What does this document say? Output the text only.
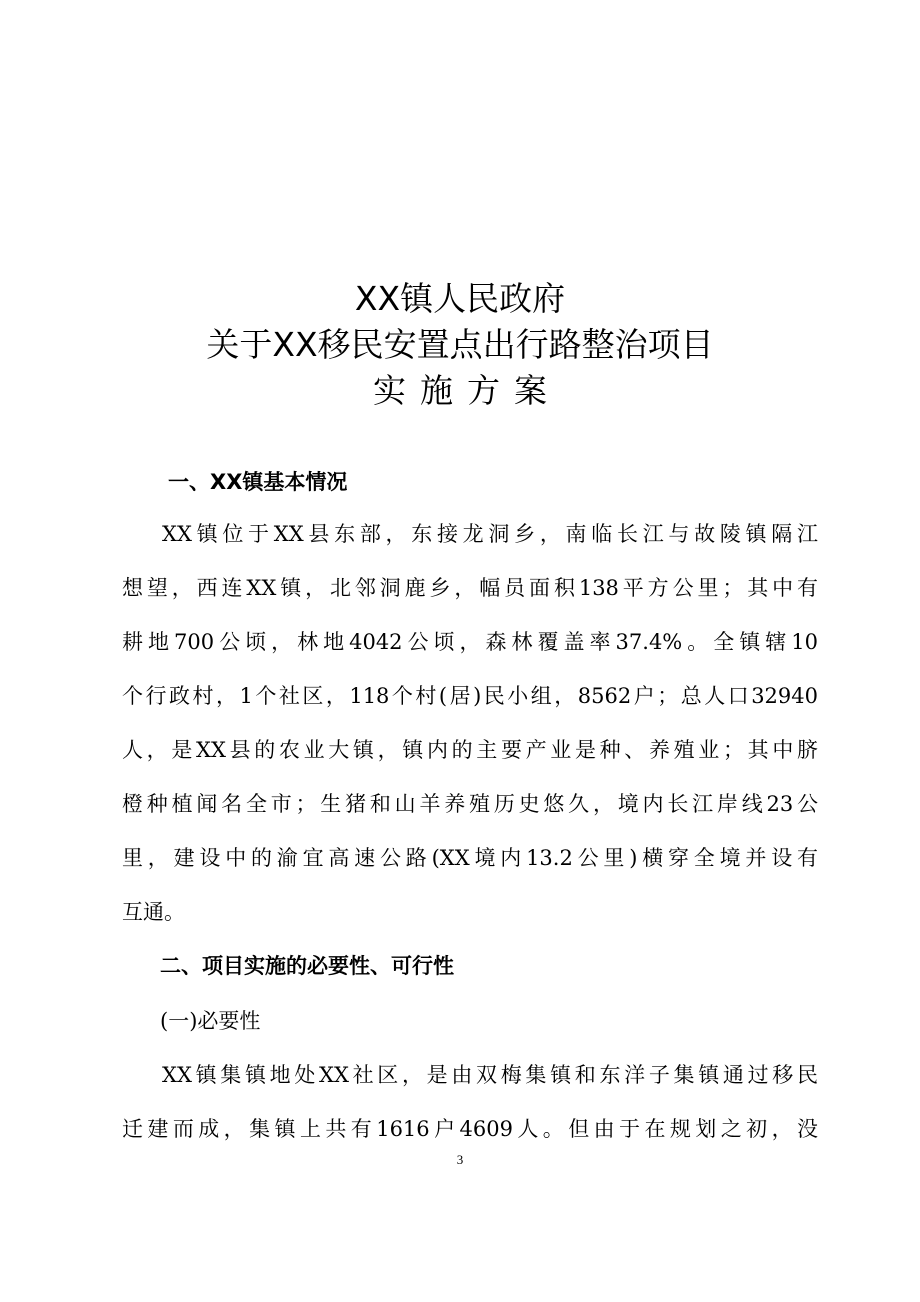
XX镇人民政府
关于XX移民安置点出行路整治项目
实施方案
一、XX镇基本情况
XX镇位于XX县东部，东接龙洞乡，南临长江与故陵镇隔江
想望，西连XX镇，北邻洞鹿乡，幅员面积138平方公里；其中有
耕地700公顷，林地4042公顷，森林覆盖率37.4%。全镇辖10
个行政村，1个社区，118个村(居)民小组，8562户；总人口32940
人，是XX县的农业大镇，镇内的主要产业是种、养殖业；其中脐
橙种植闻名全市；生猪和山羊养殖历史悠久，境内长江岸线23公
里，建设中的渝宜高速公路(XX境内13.2公里)横穿全境并设有
互通。
二、项目实施的必要性、可行性
(一)必要性
XX镇集镇地处XX社区，是由双梅集镇和东洋子集镇通过移民
迁建而成，集镇上共有1616户4609人。但由于在规划之初，没
3
